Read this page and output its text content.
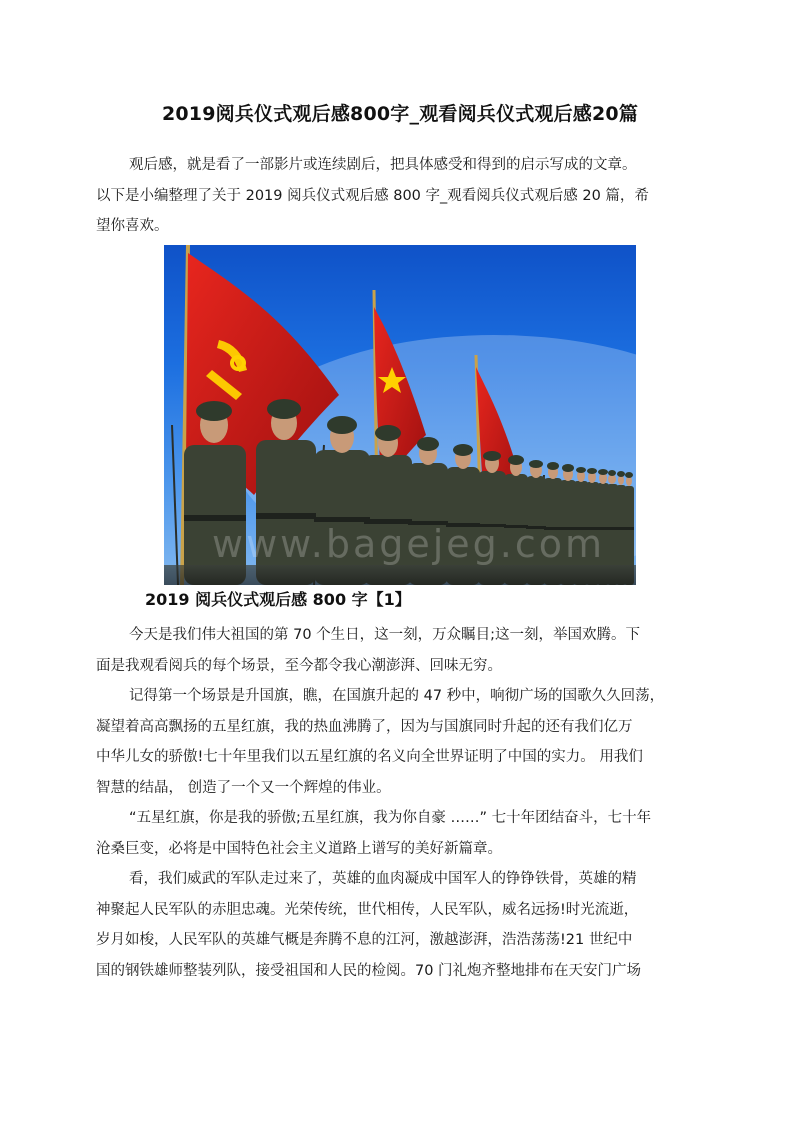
2019阅兵仪式观后感800字_观看阅兵仪式观后感20篇

观后感，就是看了一部影片或连续剧后，把具体感受和得到的启示写成的文章。

以下是小编整理了关于 2019 阅兵仪式观后感 800 字_观看阅兵仪式观后感 20 篇，希

望你喜欢。

www.bagejeg.com
2019 阅兵仪式观后感 800 字【1】

今天是我们伟大祖国的第 70 个生日，这一刻，万众瞩目;这一刻，举国欢腾。下

面是我观看阅兵的每个场景，至今都令我心潮澎湃、回味无穷。

记得第一个场景是升国旗，瞧，在国旗升起的 47 秒中，响彻广场的国歌久久回荡，

凝望着高高飘扬的五星红旗，我的热血沸腾了，因为与国旗同时升起的还有我们亿万

中华儿女的骄傲!七十年里我们以五星红旗的名义向全世界证明了中国的实力。 用我们

智慧的结晶， 创造了一个又一个辉煌的伟业。

“五星红旗，你是我的骄傲;五星红旗，我为你自豪 ……” 七十年团结奋斗，七十年

沧桑巨变，必将是中国特色社会主义道路上谱写的美好新篇章。

看，我们威武的军队走过来了，英雄的血肉凝成中国军人的铮铮铁骨，英雄的精

神聚起人民军队的赤胆忠魂。光荣传统，世代相传，人民军队，威名远扬!时光流逝，

岁月如梭，人民军队的英雄气概是奔腾不息的江河，激越澎湃，浩浩荡荡!21 世纪中

国的钢铁雄师整装列队，接受祖国和人民的检阅。70 门礼炮齐整地排布在天安门广场
